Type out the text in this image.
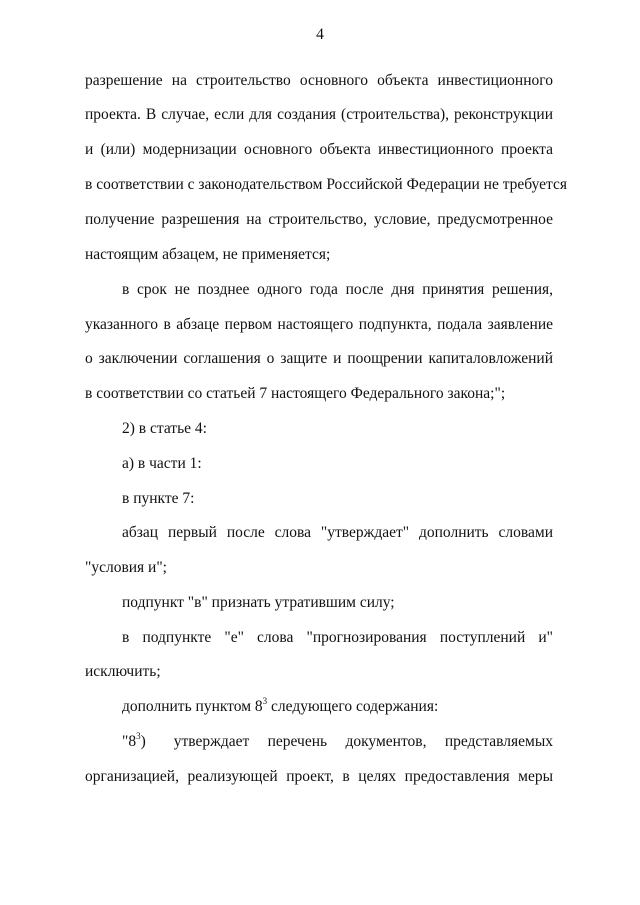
4
разрешение на строительство основного объекта инвестиционного
проекта. В случае, если для создания (строительства), реконструкции
и (или) модернизации основного объекта инвестиционного проекта
в соответствии с законодательством Российской Федерации не требуется
получение разрешения на строительство, условие, предусмотренное
настоящим абзацем, не применяется;
в срок не позднее одного года после дня принятия решения,
указанного в абзаце первом настоящего подпункта, подала заявление
о заключении соглашения о защите и поощрении капиталовложений
в соответствии со статьей 7 настоящего Федерального закона;";
2) в статье 4:
а) в части 1:
в пункте 7:
абзац первый после слова "утверждает" дополнить словами
"условия и";
подпункт "в" признать утратившим силу;
в подпункте "е" слова "прогнозирования поступлений и"
исключить;
дополнить пунктом $8^3$ следующего содержания:
"$8^3$)	утверждает перечень документов, представляемых
организацией, реализующей проект, в целях предоставления меры
